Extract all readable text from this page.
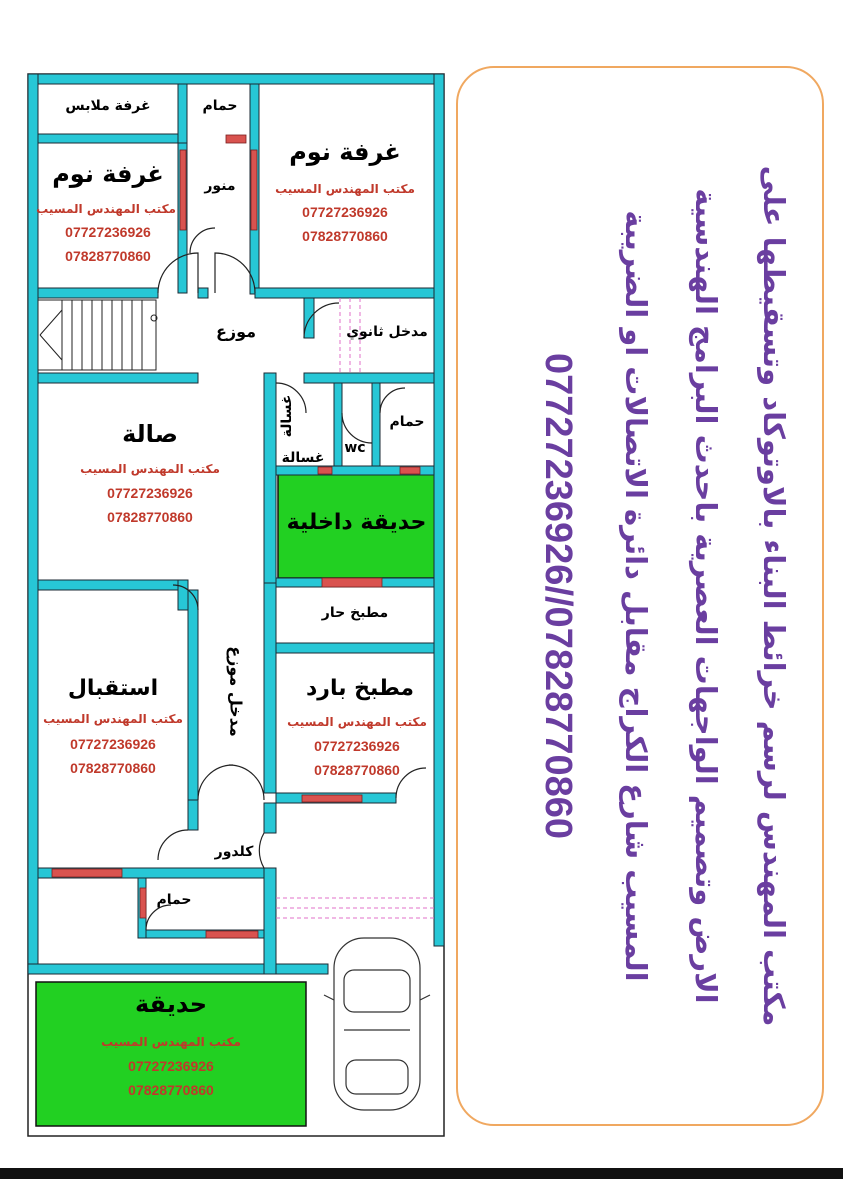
غرفة ملابس	حمام
غرفة نوم
مكتب المهندس المسيب
07727236926
07828770860
غرفة نوم
مكتب المهندس المسيب
07727236926
07828770860
منور
موزع	مدخل ثانوي
صالة
مكتب المهندس المسيب
07727236926
07828770860
غسالة
غسالة
wc
حمام
حديقة داخلية
مطبخ حار
مطبخ بارد
مكتب المهندس المسيب
07727236926
07828770860
استقبال
مكتب المهندس المسيب
07727236926
07828770860
مدخل موزع
كلدور
حمام
حديقة
مكتب المهندس المسيب
07727236926
07828770860
مكتب المهندس لرسم خرائط البناء بالاوتوكاد وتسقيطها على
الارض وتصميم الواجهات العصرية باحدث البرامج الهندسية
المسيب شارع الكراج مقابل دائرة الاتصالات او الضريبة
07727236926//07828770860
